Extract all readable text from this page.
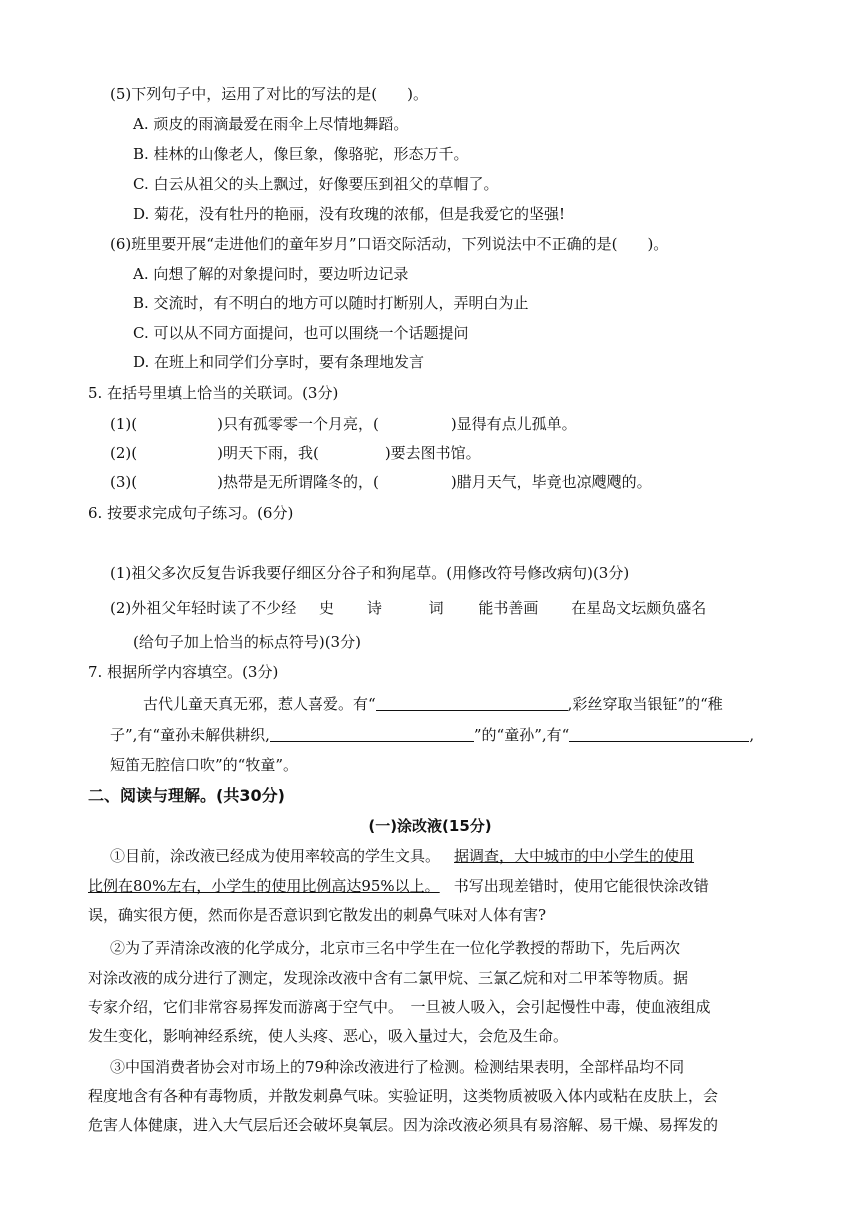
(5)下列句子中，运用了对比的写法的是(　　)。
A. 顽皮的雨滴最爱在雨伞上尽情地舞蹈。
B. 桂林的山像老人，像巨象，像骆驼，形态万千。
C. 白云从祖父的头上飘过，好像要压到祖父的草帽了。
D. 菊花，没有牡丹的艳丽，没有玫瑰的浓郁，但是我爱它的坚强!
(6)班里要开展“走进他们的童年岁月”口语交际活动，下列说法中不正确的是(　　)。
A. 向想了解的对象提问时，要边听边记录
B. 交流时，有不明白的地方可以随时打断别人，弄明白为止
C. 可以从不同方面提问，也可以围绕一个话题提问
D. 在班上和同学们分享时，要有条理地发言
5. 在括号里填上恰当的关联词。(3分)
(1)(	)只有孤零零一个月亮，(	)显得有点儿孤单。
(2)(	)明天下雨，我(	)要去图书馆。
(3)(	)热带是无所谓隆冬的，(	)腊月天气，毕竟也凉飕飕的。
6. 按要求完成句子练习。(6分)
(1)祖父多次反复告诉我要仔细区分谷子和狗尾草。(用修改符号修改病句)(3分)
(2)外祖父年轻时读了不少经 史 诗	词 能书善画 在星岛文坛颇负盛名
(给句子加上恰当的标点符号)(3分)
7. 根据所学内容填空。(3分)
古代儿童天真无邪，惹人喜爱。有“	,彩丝穿取当银钲”的“稚
子”,有“童孙未解供耕织,	”的“童孙”,有“	,
短笛无腔信口吹”的“牧童”。
二、阅读与理解。(共30分)
(一)涂改液(15分)
①目前，涂改液已经成为使用率较高的学生文具。 据调查，大中城市的中小学生的使用
比例在80%左右，小学生的使用比例高达95%以上。 书写出现差错时，使用它能很快涂改错
误，确实很方便，然而你是否意识到它散发出的刺鼻气味对人体有害?
②为了弄清涂改液的化学成分，北京市三名中学生在一位化学教授的帮助下，先后两次
对涂改液的成分进行了测定，发现涂改液中含有二氯甲烷、三氯乙烷和对二甲苯等物质。据
专家介绍，它们非常容易挥发而游离于空气中。　一旦被人吸入，会引起慢性中毒，使血液组成
发生变化，影响神经系统，使人头疼、恶心，吸入量过大，会危及生命。
③中国消费者协会对市场上的79种涂改液进行了检测。检测结果表明，全部样品均不同
程度地含有各种有毒物质，并散发刺鼻气味。实验证明，这类物质被吸入体内或粘在皮肤上，会
危害人体健康，进入大气层后还会破坏臭氧层。因为涂改液必须具有易溶解、易干燥、易挥发的
